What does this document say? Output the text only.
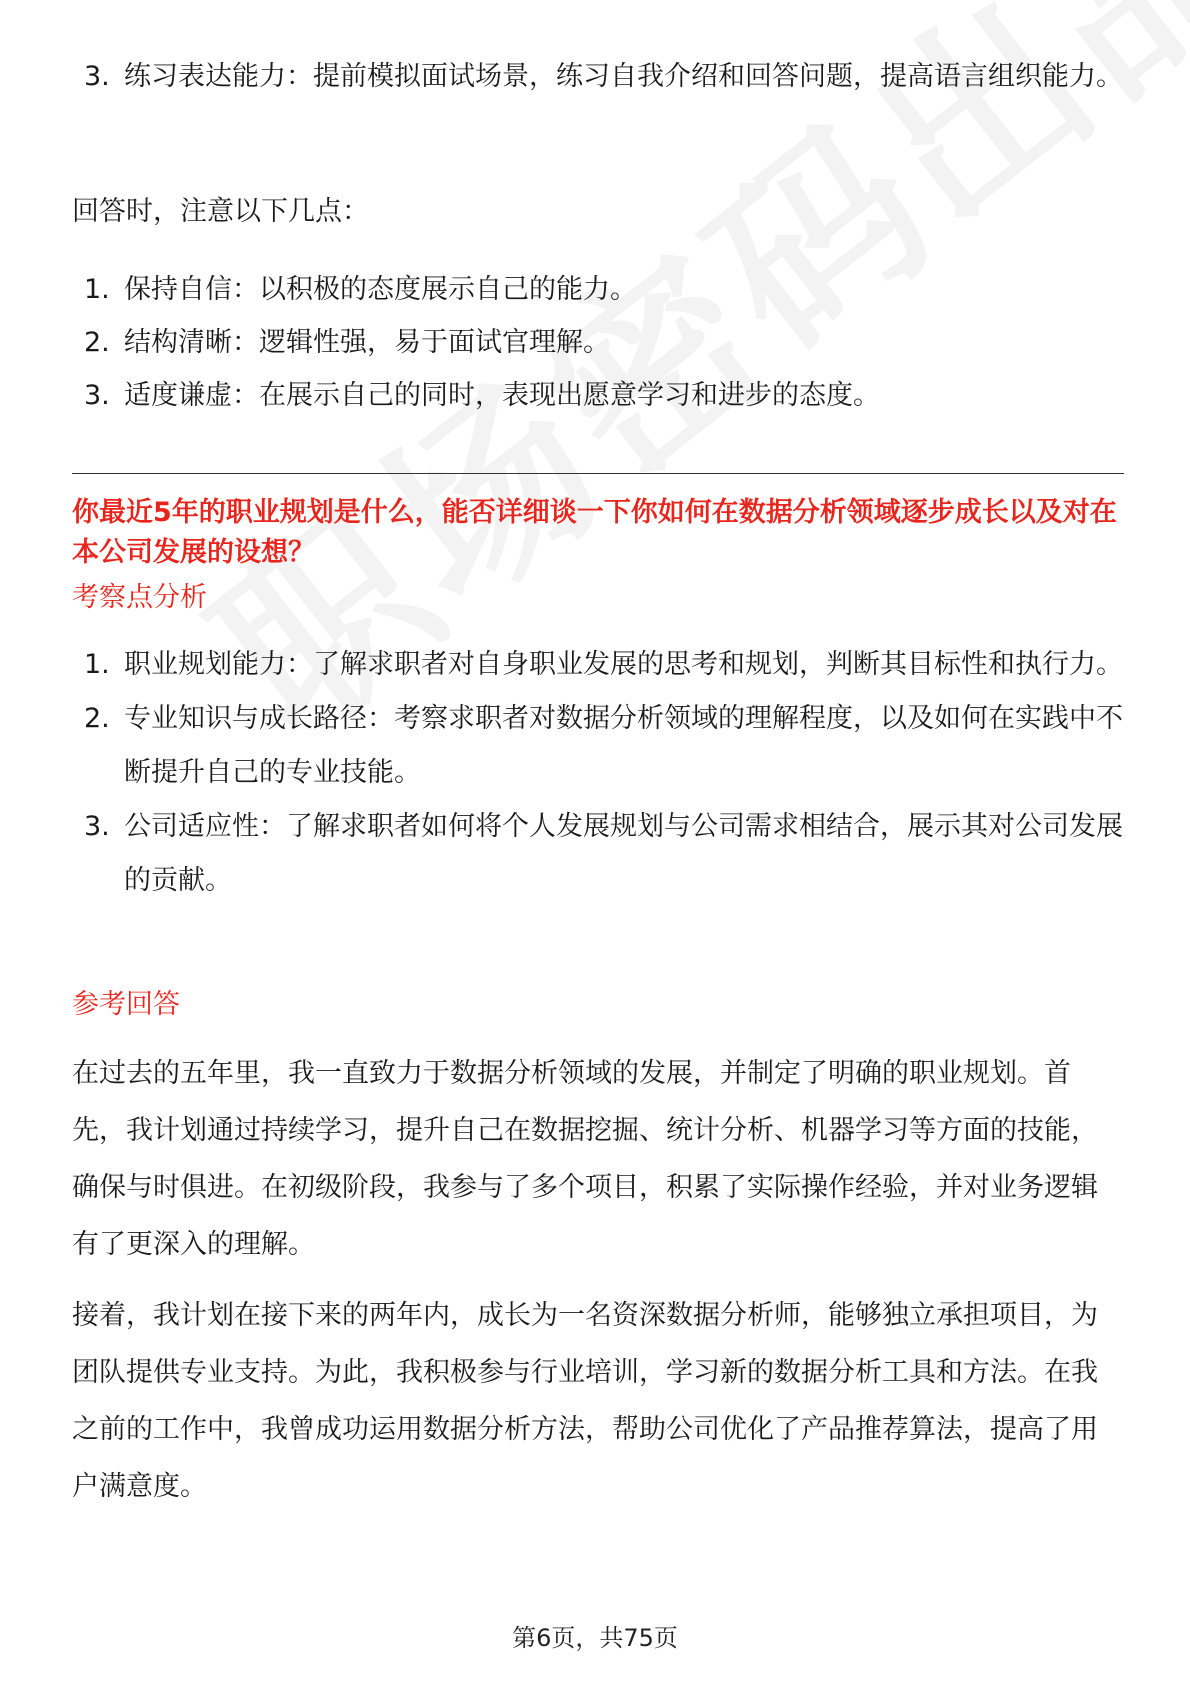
3. 练习表达能力：提前模拟面试场景，练习自我介绍和回答问题，提高语言组织能力。

回答时，注意以下几点：

1. 保持自信：以积极的态度展示自己的能力。
2. 结构清晰：逻辑性强，易于面试官理解。
3. 适度谦虚：在展示自己的同时，表现出愿意学习和进步的态度。

你最近5年的职业规划是什么，能否详细谈一下你如何在数据分析领域逐步成长以及对在本公司发展的设想？

考察点分析

1. 职业规划能力：了解求职者对自身职业发展的思考和规划，判断其目标性和执行力。
2. 专业知识与成长路径：考察求职者对数据分析领域的理解程度，以及如何在实践中不断提升自己的专业技能。
3. 公司适应性：了解求职者如何将个人发展规划与公司需求相结合，展示其对公司发展的贡献。

参考回答

在过去的五年里，我一直致力于数据分析领域的发展，并制定了明确的职业规划。首先，我计划通过持续学习，提升自己在数据挖掘、统计分析、机器学习等方面的技能，确保与时俱进。在初级阶段，我参与了多个项目，积累了实际操作经验，并对业务逻辑有了更深入的理解。

接着，我计划在接下来的两年内，成长为一名资深数据分析师，能够独立承担项目，为团队提供专业支持。为此，我积极参与行业培训，学习新的数据分析工具和方法。在我之前的工作中，我曾成功运用数据分析方法，帮助公司优化了产品推荐算法，提高了用户满意度。

第6页，共75页
